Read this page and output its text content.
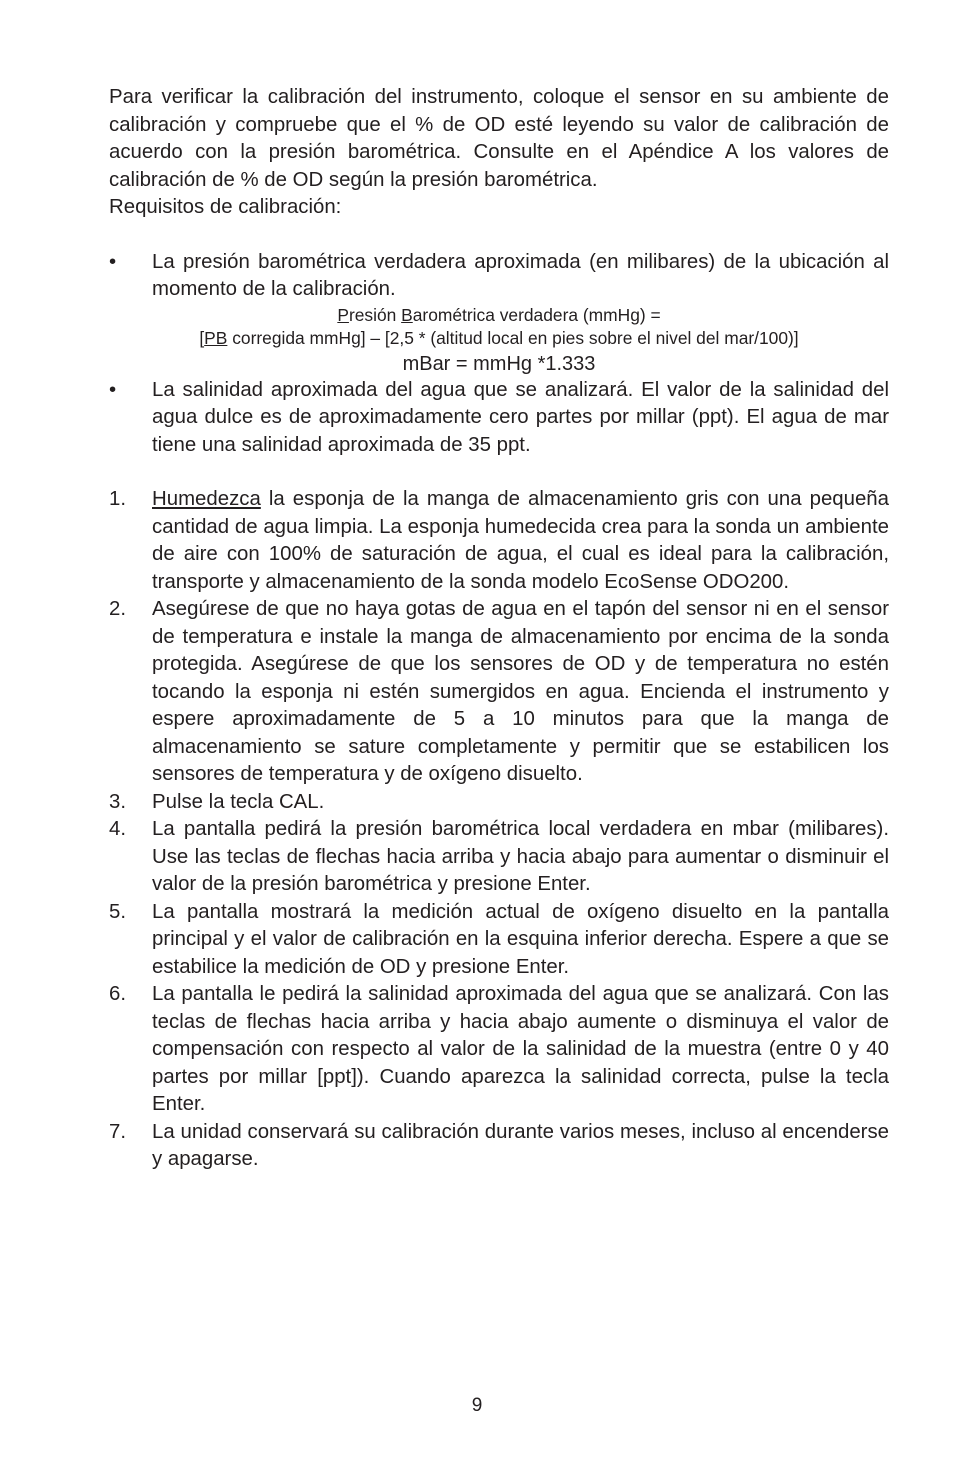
Para verificar la calibración del instrumento, coloque el sensor en su ambiente de calibración y compruebe que el % de OD esté leyendo su valor de calibración de acuerdo con la presión barométrica. Consulte en el Apéndice A los valores de calibración de % de OD según la presión barométrica.

Requisitos de calibración:

• La presión barométrica verdadera aproximada (en milibares) de la ubicación al momento de la calibración.
Presión Barométrica verdadera (mmHg) =
[PB corregida mmHg] – [2,5 * (altitud local en pies sobre el nivel del mar/100)]
mBar = mmHg *1.333
• La salinidad aproximada del agua que se analizará. El valor de la salinidad del agua dulce es de aproximadamente cero partes por millar (ppt). El agua de mar tiene una salinidad aproximada de 35 ppt.
1. Humedezca la esponja de la manga de almacenamiento gris con una pequeña cantidad de agua limpia. La esponja humedecida crea para la sonda un ambiente de aire con 100% de saturación de agua, el cual es ideal para la calibración, transporte y almacenamiento de la sonda modelo EcoSense ODO200.
2. Asegúrese de que no haya gotas de agua en el tapón del sensor ni en el sensor de temperatura e instale la manga de almacenamiento por encima de la sonda protegida. Asegúrese de que los sensores de OD y de temperatura no estén tocando la esponja ni estén sumergidos en agua. Encienda el instrumento y espere aproximadamente de 5 a 10 minutos para que la manga de almacenamiento se sature completamente y permitir que se estabilicen los sensores de temperatura y de oxígeno disuelto.
3. Pulse la tecla CAL.
4. La pantalla pedirá la presión barométrica local verdadera en mbar (milibares). Use las teclas de flechas hacia arriba y hacia abajo para aumentar o disminuir el valor de la presión barométrica y presione Enter.
5. La pantalla mostrará la medición actual de oxígeno disuelto en la pantalla principal y el valor de calibración en la esquina inferior derecha. Espere a que se estabilice la medición de OD y presione Enter.
6. La pantalla le pedirá la salinidad aproximada del agua que se analizará. Con las teclas de flechas hacia arriba y hacia abajo aumente o disminuya el valor de compensación con respecto al valor de la salinidad de la muestra (entre 0 y 40 partes por millar [ppt]). Cuando aparezca la salinidad correcta, pulse la tecla Enter.
7. La unidad conservará su calibración durante varios meses, incluso al encenderse y apagarse.
9
